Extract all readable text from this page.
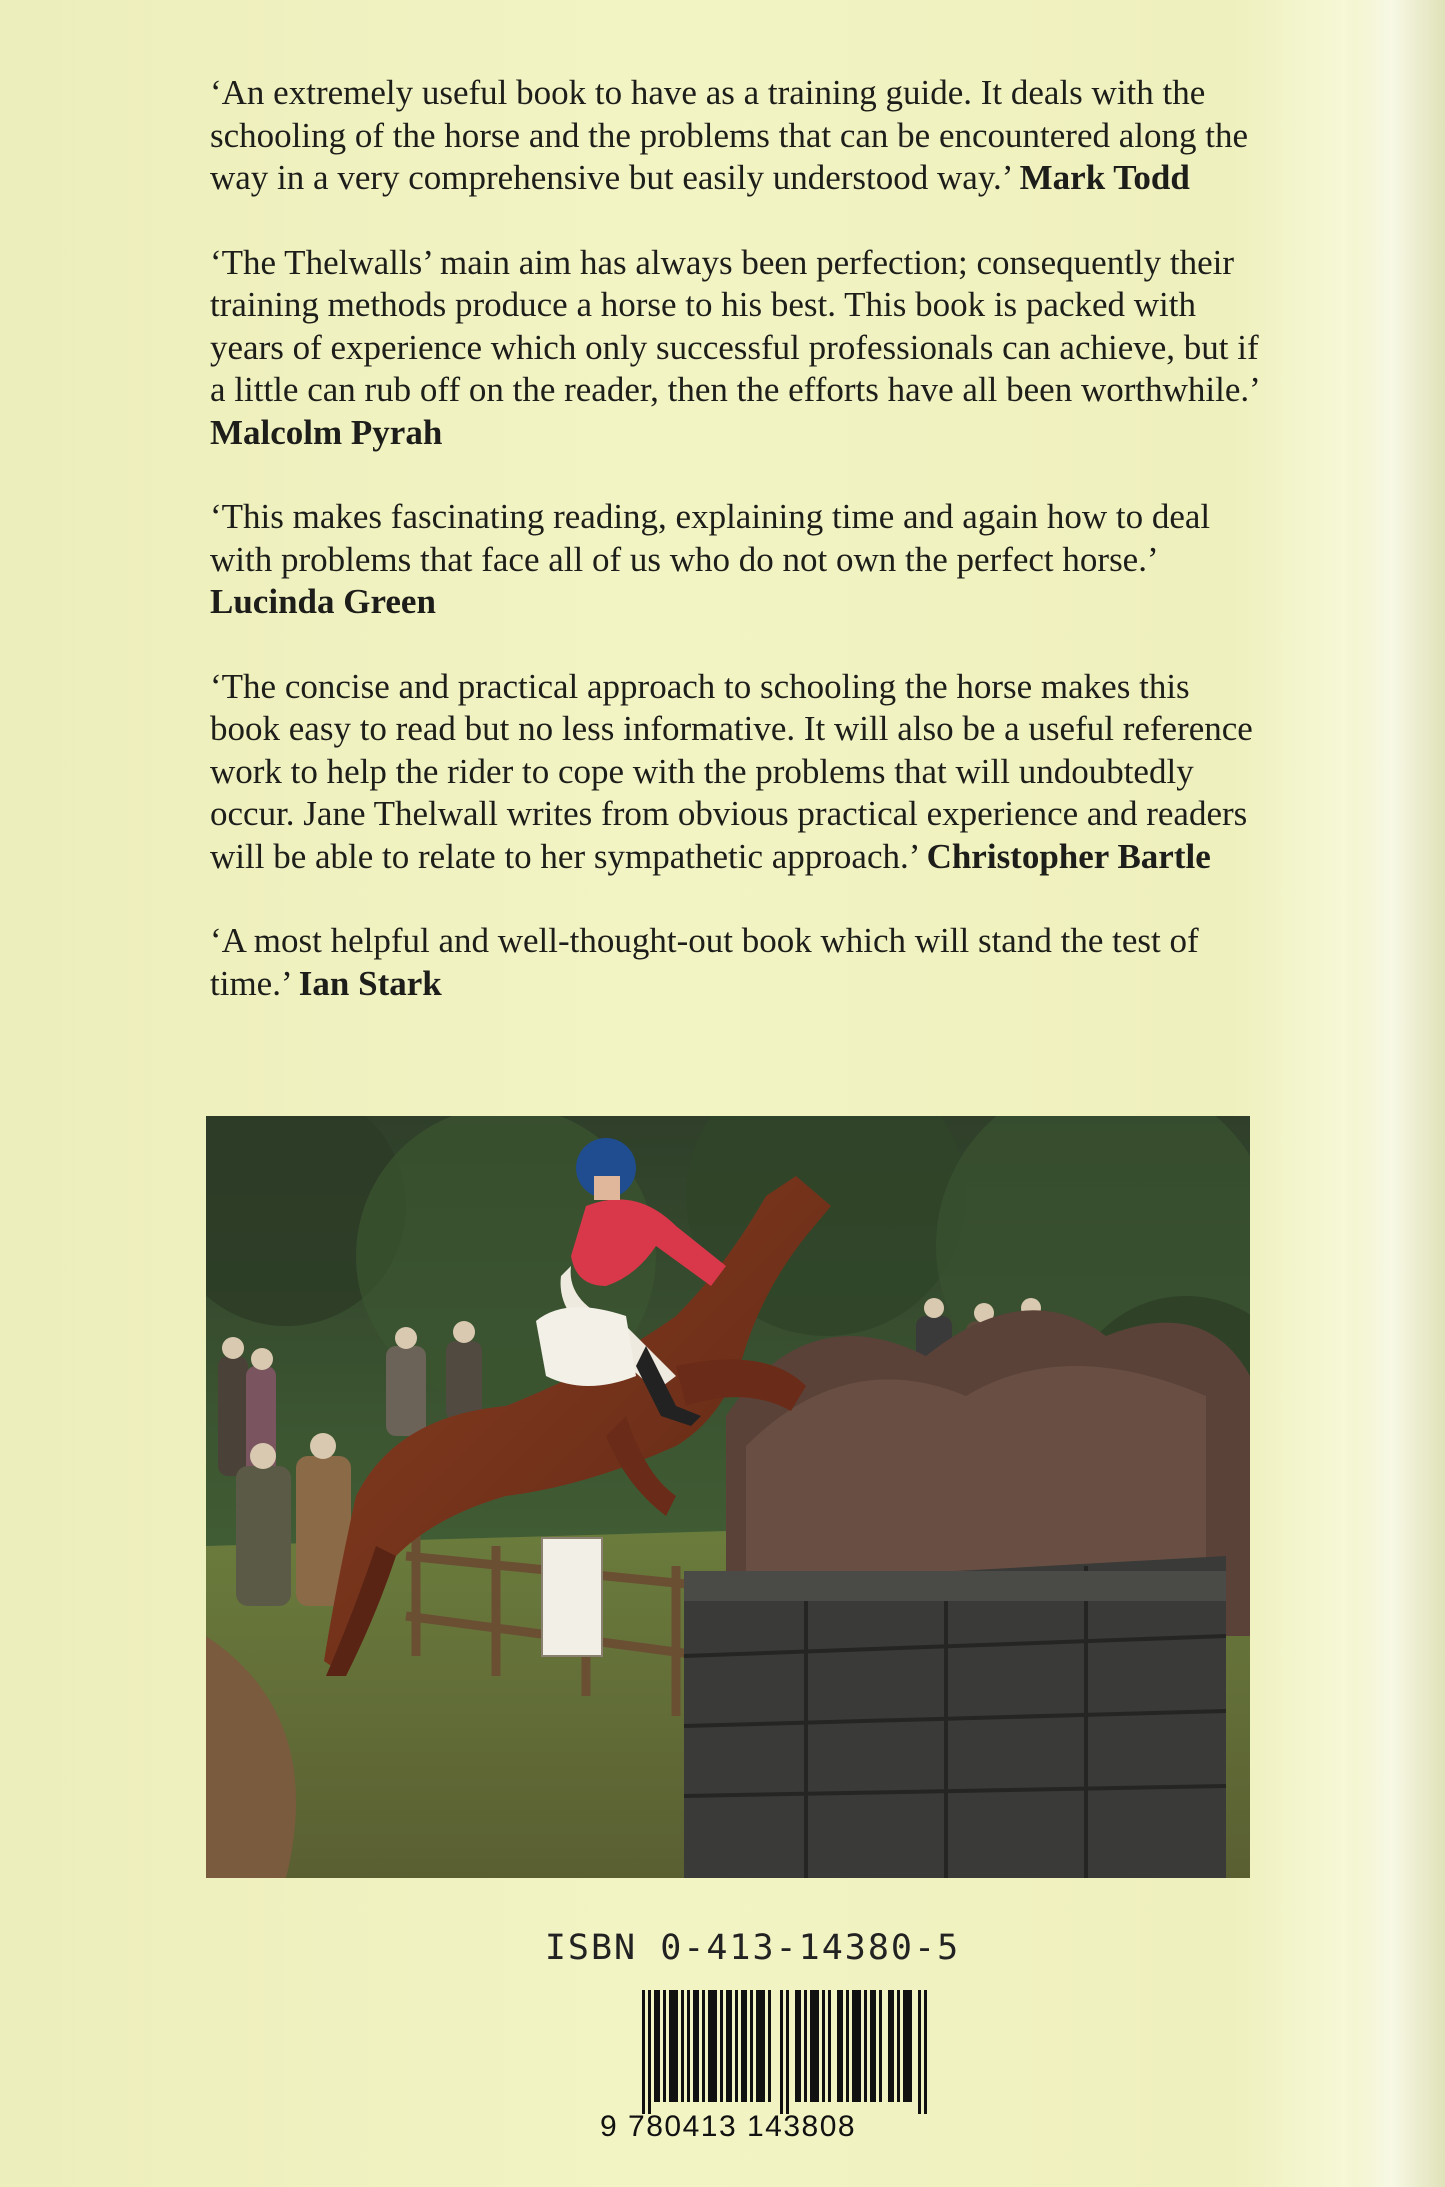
‘An extremely useful book to have as a training guide. It deals with the schooling of the horse and the problems that can be encountered along the way in a very comprehensive but easily understood way.’ Mark Todd

‘The Thelwalls’ main aim has always been perfection; consequently their training methods produce a horse to his best. This book is packed with years of experience which only successful professionals can achieve, but if a little can rub off on the reader, then the efforts have all been worthwhile.’ Malcolm Pyrah

‘This makes fascinating reading, explaining time and again how to deal with problems that face all of us who do not own the perfect horse.’ Lucinda Green

‘The concise and practical approach to schooling the horse makes this book easy to read but no less informative. It will also be a useful reference work to help the rider to cope with the problems that will undoubtedly occur. Jane Thelwall writes from obvious practical experience and readers will be able to relate to her sympathetic approach.’ Christopher Bartle

‘A most helpful and well-thought-out book which will stand the test of time.’ Ian Stark

ISBN 0-413-14380-5
9 780413 143808
